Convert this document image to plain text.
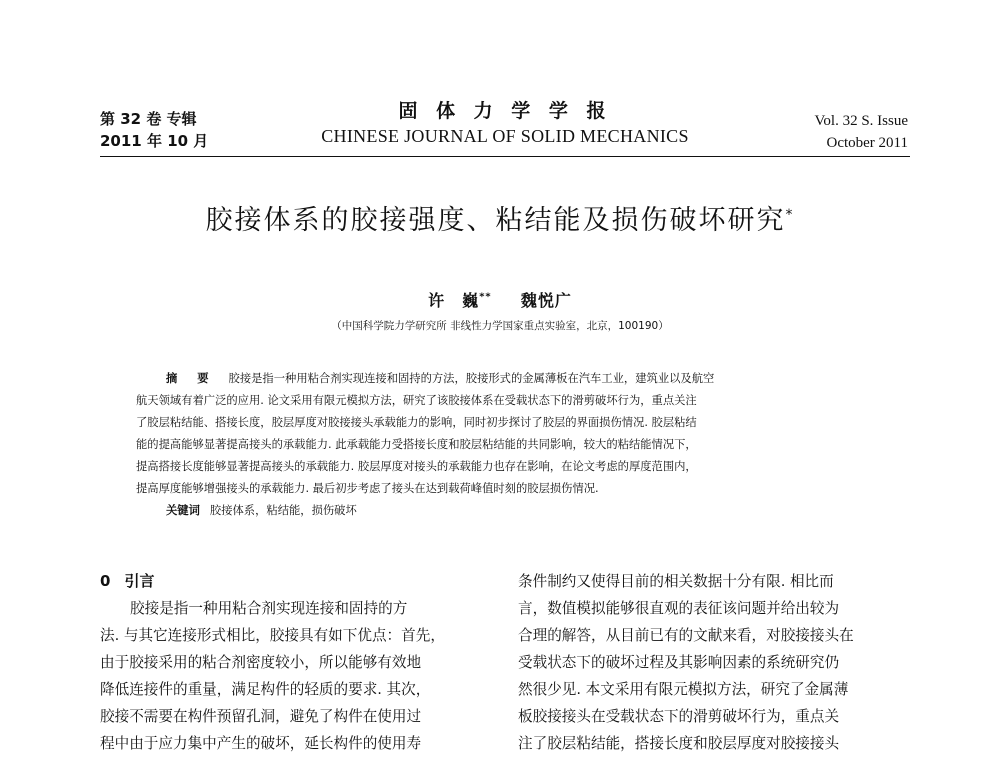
第 32 卷 专辑
2011 年 10 月
固 体 力 学 学 报
CHINESE JOURNAL OF SOLID MECHANICS
Vol. 32 S. Issue
October 2011
胶接体系的胶接强度、粘结能及损伤破坏研究*
许　巍** 魏悦广
（中国科学院力学研究所 非线性力学国家重点实验室，北京，100190）
摘 要 胶接是指一种用粘合剂实现连接和固持的方法，胶接形式的金属薄板在汽车工业，建筑业以及航空
航天领域有着广泛的应用. 论文采用有限元模拟方法，研究了该胶接体系在受载状态下的滑剪破坏行为，重点关注
了胶层粘结能、搭接长度，胶层厚度对胶接接头承载能力的影响，同时初步探讨了胶层的界面损伤情况. 胶层粘结
能的提高能够显著提高接头的承载能力. 此承载能力受搭接长度和胶层粘结能的共同影响，较大的粘结能情况下，
提高搭接长度能够显著提高接头的承载能力. 胶层厚度对接头的承载能力也存在影响，在论文考虑的厚度范围内，
提高厚度能够增强接头的承载能力. 最后初步考虑了接头在达到载荷峰值时刻的胶层损伤情况.
关键词 胶接体系，粘结能，损伤破坏
0 引言
胶接是指一种用粘合剂实现连接和固持的方
法. 与其它连接形式相比，胶接具有如下优点：首先，
由于胶接采用的粘合剂密度较小，所以能够有效地
降低连接件的重量，满足构件的轻质的要求. 其次，
胶接不需要在构件预留孔洞，避免了构件在使用过
程中由于应力集中产生的破坏，延长构件的使用寿
条件制约又使得目前的相关数据十分有限. 相比而
言，数值模拟能够很直观的表征该问题并给出较为
合理的解答，从目前已有的文献来看，对胶接接头在
受载状态下的破坏过程及其影响因素的系统研究仍
然很少见. 本文采用有限元模拟方法，研究了金属薄
板胶接接头在受载状态下的滑剪破坏行为，重点关
注了胶层粘结能，搭接长度和胶层厚度对胶接接头
